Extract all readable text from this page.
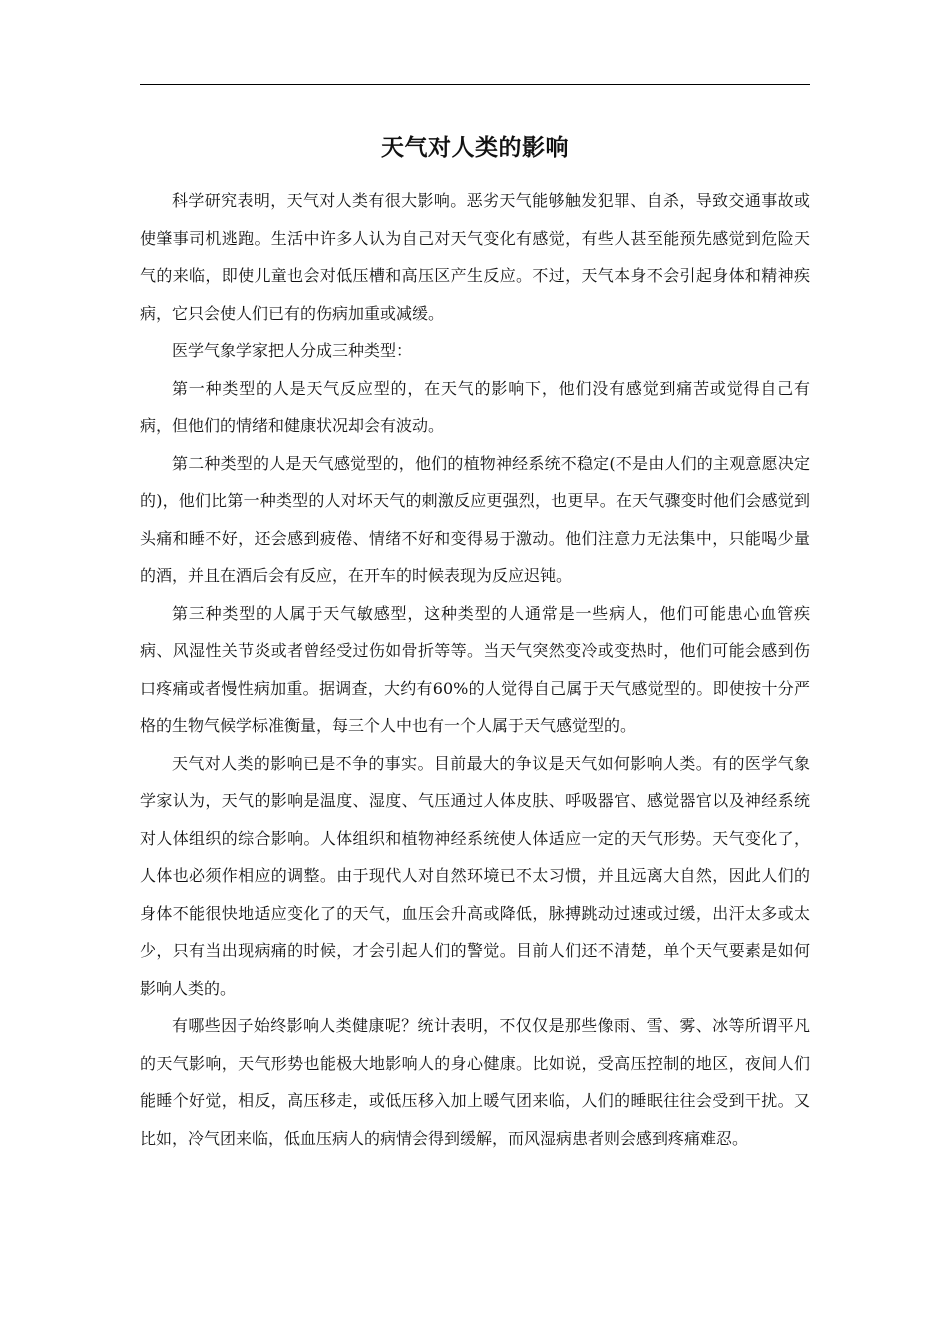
天气对人类的影响

科学研究表明，天气对人类有很大影响。恶劣天气能够触发犯罪、自杀，导致交通事故或使肇事司机逃跑。生活中许多人认为自己对天气变化有感觉，有些人甚至能预先感觉到危险天气的来临，即使儿童也会对低压槽和高压区产生反应。不过，天气本身不会引起身体和精神疾病，它只会使人们已有的伤病加重或减缓。

医学气象学家把人分成三种类型：

第一种类型的人是天气反应型的，在天气的影响下，他们没有感觉到痛苦或觉得自己有病，但他们的情绪和健康状况却会有波动。

第二种类型的人是天气感觉型的，他们的植物神经系统不稳定(不是由人们的主观意愿决定的)，他们比第一种类型的人对坏天气的刺激反应更强烈，也更早。在天气骤变时他们会感觉到头痛和睡不好，还会感到疲倦、情绪不好和变得易于激动。他们注意力无法集中，只能喝少量的酒，并且在酒后会有反应，在开车的时候表现为反应迟钝。

第三种类型的人属于天气敏感型，这种类型的人通常是一些病人，他们可能患心血管疾病、风湿性关节炎或者曾经受过伤如骨折等等。当天气突然变冷或变热时，他们可能会感到伤口疼痛或者慢性病加重。据调查，大约有60%的人觉得自己属于天气感觉型的。即使按十分严格的生物气候学标准衡量，每三个人中也有一个人属于天气感觉型的。

天气对人类的影响已是不争的事实。目前最大的争议是天气如何影响人类。有的医学气象学家认为，天气的影响是温度、湿度、气压通过人体皮肤、呼吸器官、感觉器官以及神经系统对人体组织的综合影响。人体组织和植物神经系统使人体适应一定的天气形势。天气变化了，人体也必须作相应的调整。由于现代人对自然环境已不太习惯，并且远离大自然，因此人们的身体不能很快地适应变化了的天气，血压会升高或降低，脉搏跳动过速或过缓，出汗太多或太少，只有当出现病痛的时候，才会引起人们的警觉。目前人们还不清楚，单个天气要素是如何影响人类的。

有哪些因子始终影响人类健康呢？统计表明，不仅仅是那些像雨、雪、雾、冰等所谓平凡的天气影响，天气形势也能极大地影响人的身心健康。比如说，受高压控制的地区，夜间人们能睡个好觉，相反，高压移走，或低压移入加上暖气团来临，人们的睡眠往往会受到干扰。又比如，冷气团来临，低血压病人的病情会得到缓解，而风湿病患者则会感到疼痛难忍。
